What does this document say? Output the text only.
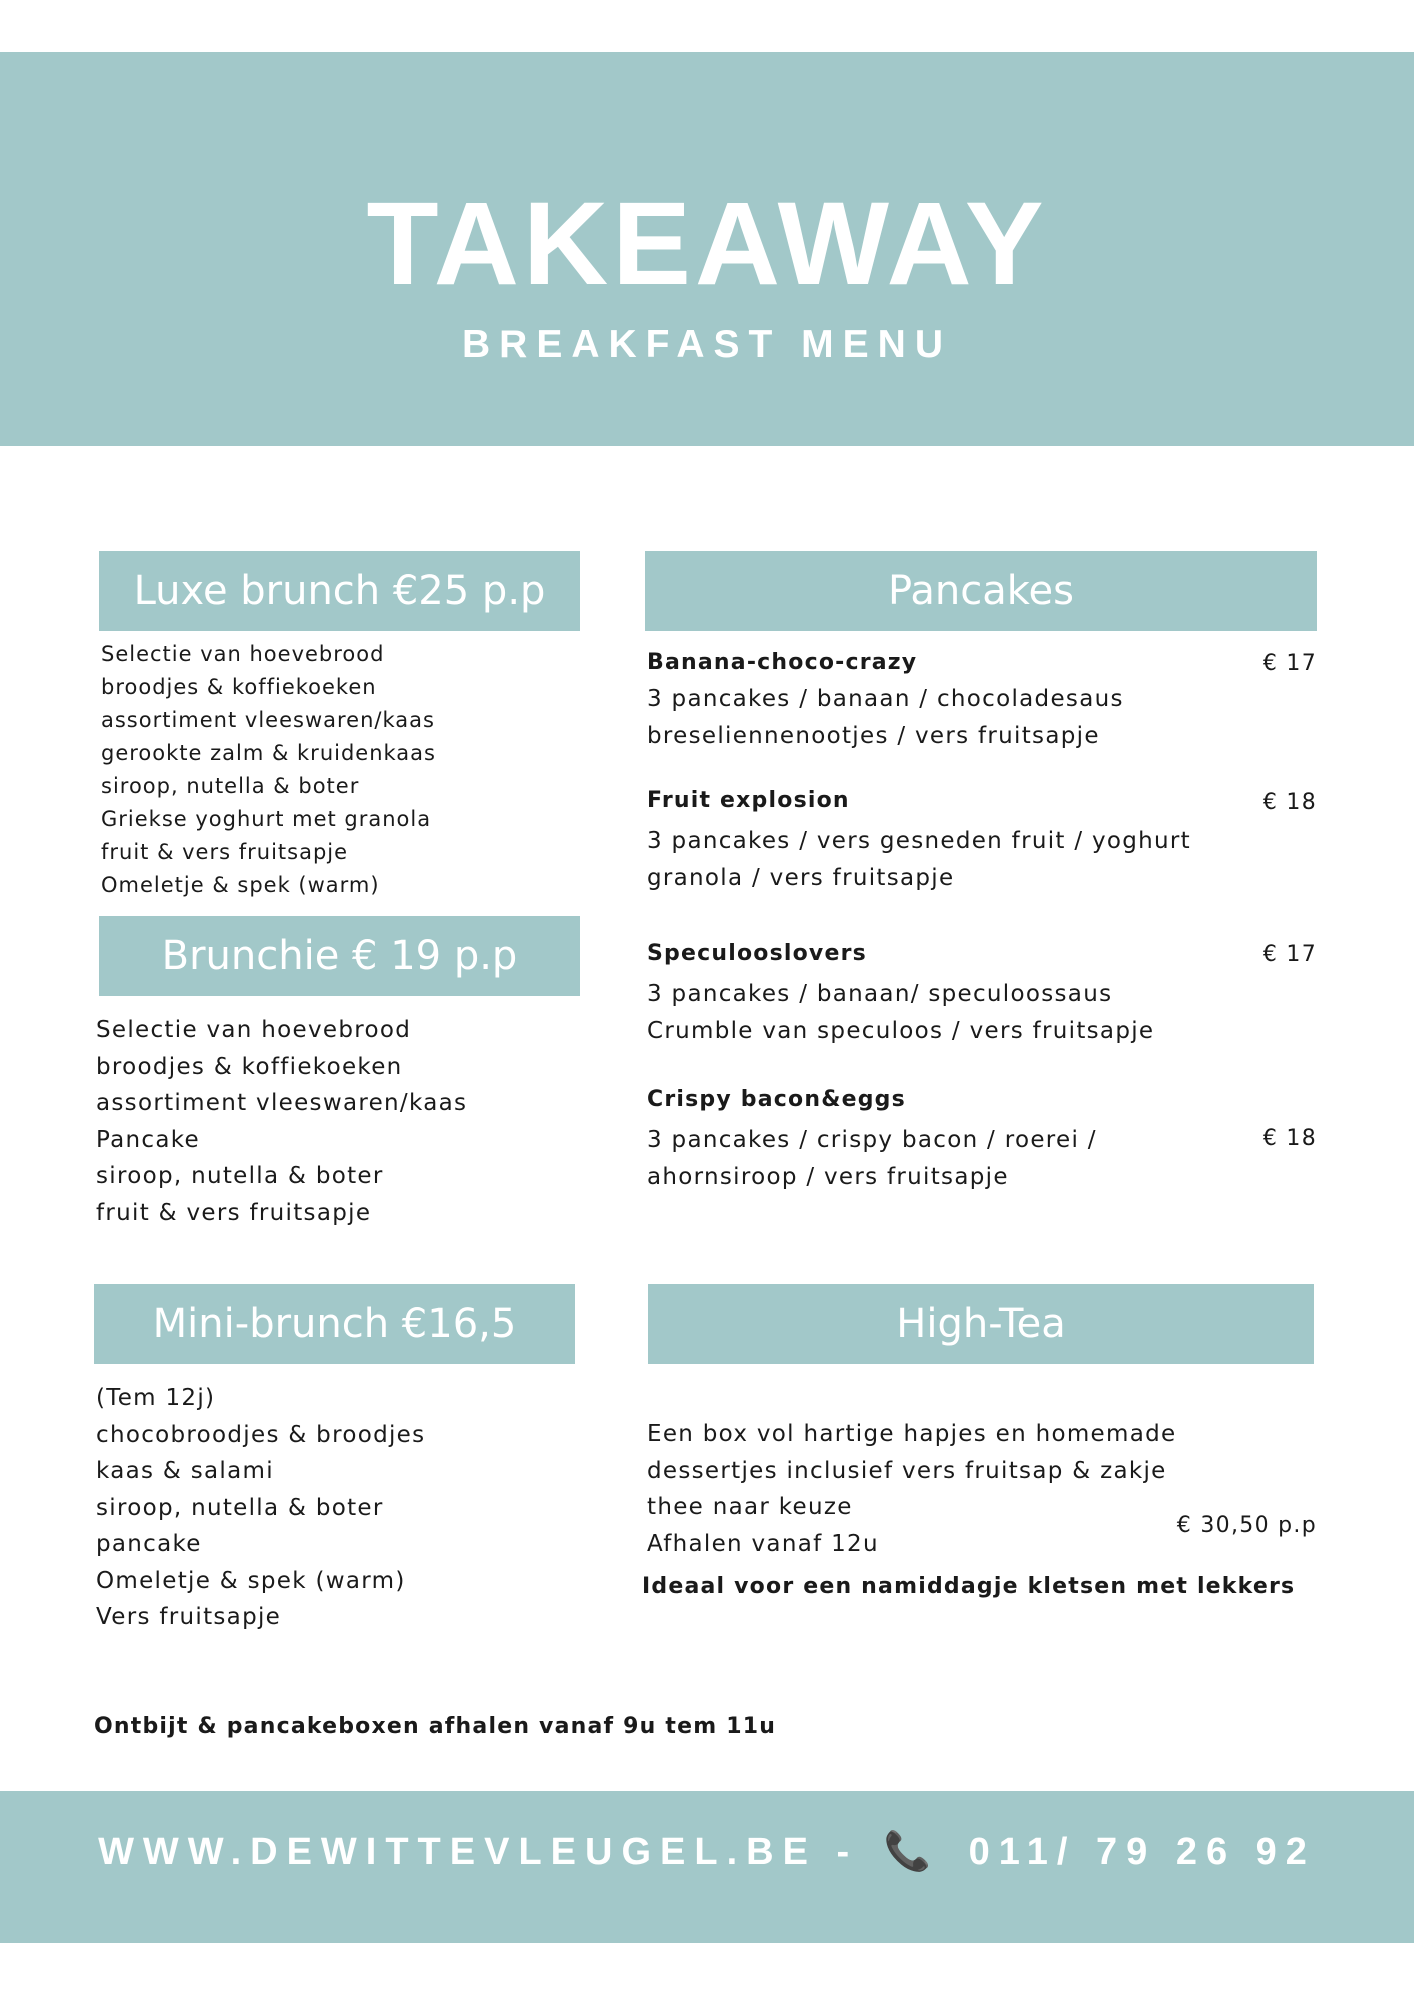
TAKEAWAY
BREAKFAST MENU
Luxe brunch €25 p.p
Selectie van hoevebrood
broodjes & koffiekoeken
assortiment vleeswaren/kaas
gerookte zalm & kruidenkaas
siroop, nutella & boter
Griekse yoghurt met granola
fruit & vers fruitsapje
Omeletje & spek (warm)
Brunchie € 19 p.p
Selectie van hoevebrood
broodjes & koffiekoeken
assortiment vleeswaren/kaas
Pancake
siroop, nutella & boter
fruit & vers fruitsapje
Mini-brunch €16,5
(Tem 12j)
chocobroodjes & broodjes
kaas & salami
siroop, nutella & boter
pancake
Omeletje & spek (warm)
Vers fruitsapje
Pancakes
Banana-choco-crazy
3 pancakes / banaan / chocoladesaus
breseliennenootjes / vers fruitsapje
€ 17
Fruit explosion
3 pancakes / vers gesneden fruit / yoghurt
granola / vers fruitsapje
€ 18
Speculooslovers
3 pancakes / banaan/ speculoossaus
Crumble van speculoos / vers fruitsapje
€ 17
Crispy bacon&eggs
3 pancakes / crispy bacon / roerei /
ahornsiroop / vers fruitsapje
€ 18
High-Tea
Een box vol hartige hapjes en homemade
dessertjes inclusief vers fruitsap & zakje
thee naar keuze
Afhalen vanaf 12u
€ 30,50 p.p
Ideaal voor een namiddagje kletsen met lekkers
Ontbijt & pancakeboxen afhalen vanaf 9u tem 11u
WWW.DEWITTEVLEUGEL.BE - 📞 011/ 79 26 92
